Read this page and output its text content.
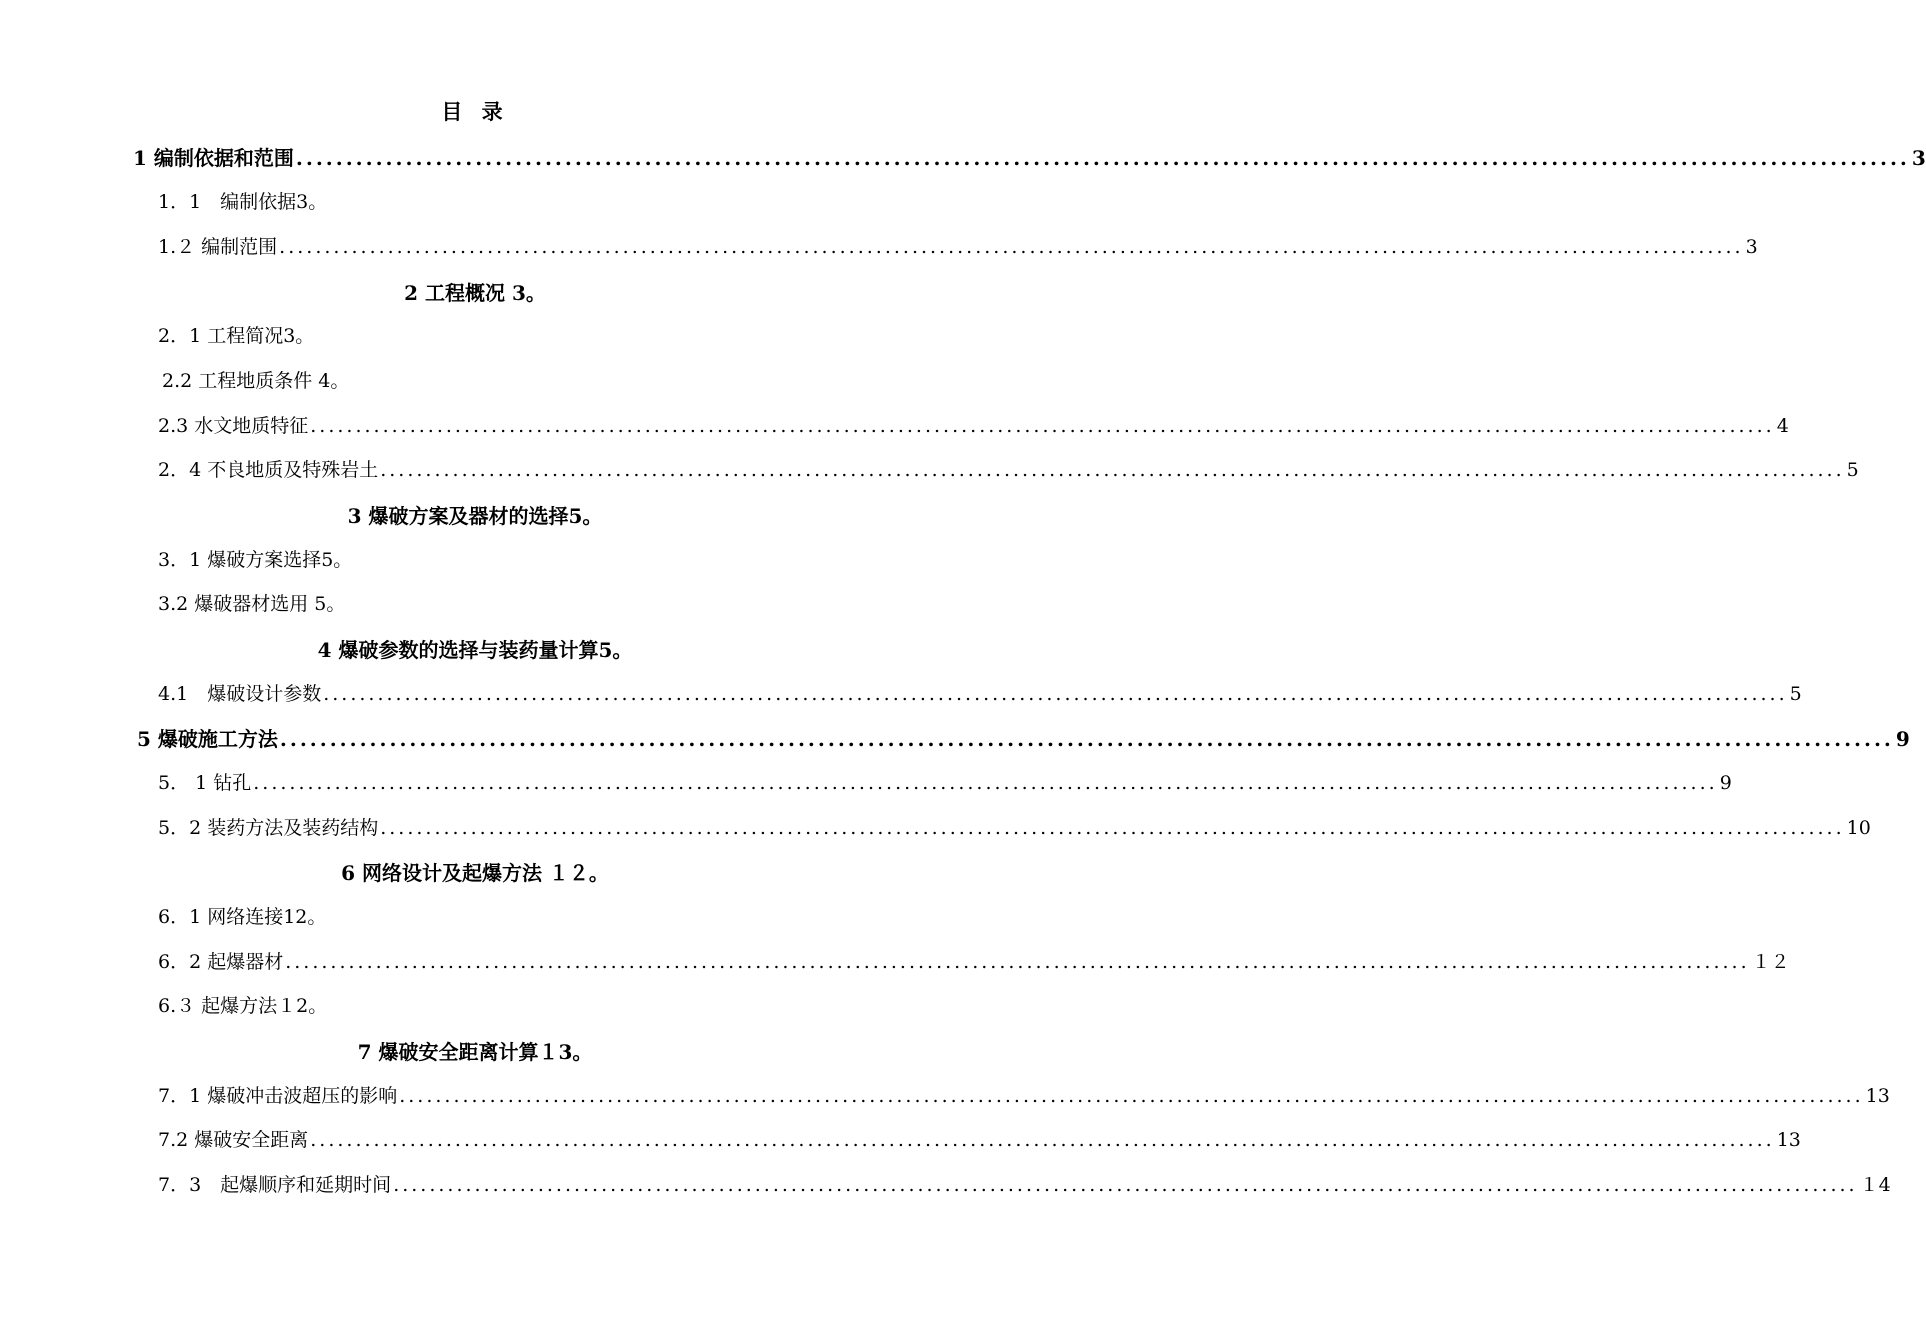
目 录
1 编制依据和范围 .................................................................................................................................................................. 3
1．1　编制依据3。
1.２ 编制范围 .................................................................................................................................................................. 3
2 工程概况 3。
2．1 工程简况3。
2.2 工程地质条件 4。
2.3 水文地质特征 .................................................................................................................................................................. 4
2．4 不良地质及特殊岩土 .................................................................................................................................................................. 5
3 爆破方案及器材的选择5。
3．1 爆破方案选择5。
3.2 爆破器材选用 5。
4 爆破参数的选择与装药量计算5。
4.1　爆破设计参数 .................................................................................................................................................................. 5
5 爆破施工方法 .................................................................................................................................................................. 9
5． 1 钻孔 .................................................................................................................................................................. 9
5．2 装药方法及装药结构 .................................................................................................................................................................. 10
6 网络设计及起爆方法 １２。
6．1 网络连接12。
6．2 起爆器材 .................................................................................................................................................................. １２
6.３ 起爆方法１2。
7 爆破安全距离计算１3。
7．1 爆破冲击波超压的影响 .................................................................................................................................................................. 13
7.2 爆破安全距离 .................................................................................................................................................................. 13
7．3　起爆顺序和延期时间 .................................................................................................................................................................. １4
